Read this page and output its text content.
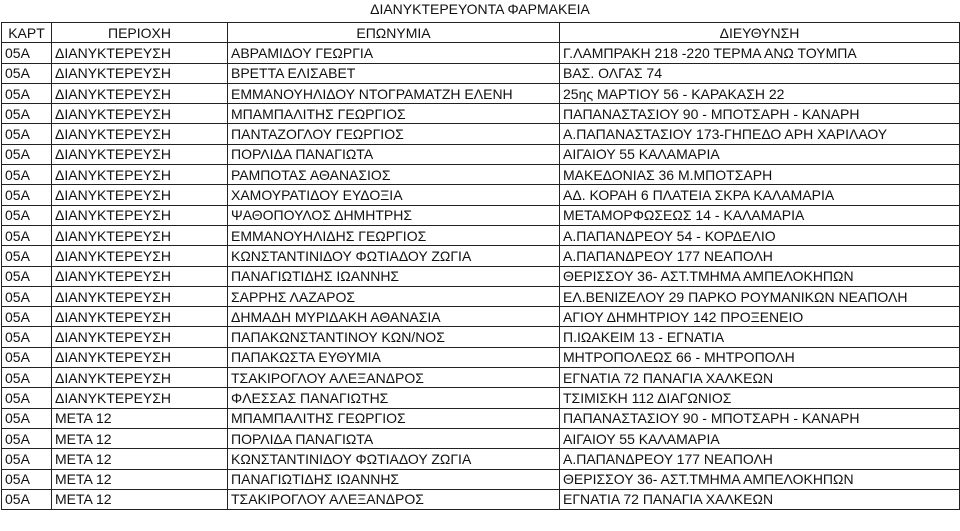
ΔΙΑΝΥΚΤΕΡΕΥΟΝΤΑ ΦΑΡΜΑΚΕΙΑ
ΚΑΡΤ	ΠΕΡΙΟΧΗ	ΕΠΩΝΥΜΙΑ	ΔΙΕΥΘΥΝΣΗ
05Α	ΔΙΑΝΥΚΤΕΡΕΥΣΗ	ΑΒΡΑΜΙΔΟΥ ΓΕΩΡΓΙΑ	Γ.ΛΑΜΠΡΑΚΗ 218 -220 ΤΕΡΜΑ ΑΝΩ ΤΟΥΜΠΑ
05Α	ΔΙΑΝΥΚΤΕΡΕΥΣΗ	ΒΡΕΤΤΑ ΕΛΙΣΑΒΕΤ	ΒΑΣ. ΟΛΓΑΣ 74
05Α	ΔΙΑΝΥΚΤΕΡΕΥΣΗ	ΕΜΜΑΝΟΥΗΛΙΔΟΥ ΝΤΟΓΡΑΜΑΤΖΗ ΕΛΕΝΗ	25ης ΜΑΡΤΙΟΥ 56 - ΚΑΡΑΚΑΣΗ 22
05Α	ΔΙΑΝΥΚΤΕΡΕΥΣΗ	ΜΠΑΜΠΑΛΙΤΗΣ ΓΕΩΡΓΙΟΣ	ΠΑΠΑΝΑΣΤΑΣΙΟΥ 90 - ΜΠΟΤΣΑΡΗ - ΚΑΝΑΡΗ
05Α	ΔΙΑΝΥΚΤΕΡΕΥΣΗ	ΠΑΝΤΑΖΟΓΛΟΥ ΓΕΩΡΓΙΟΣ	Α.ΠΑΠΑΝΑΣΤΑΣΙΟΥ 173-ΓΗΠΕΔΟ ΑΡΗ ΧΑΡΙΛΑΟΥ
05Α	ΔΙΑΝΥΚΤΕΡΕΥΣΗ	ΠΟΡΛΙΔΑ ΠΑΝΑΓΙΩΤΑ	ΑΙΓΑΙΟΥ 55 ΚΑΛΑΜΑΡΙΑ
05Α	ΔΙΑΝΥΚΤΕΡΕΥΣΗ	ΡΑΜΠΟΤΑΣ ΑΘΑΝΑΣΙΟΣ	ΜΑΚΕΔΟΝΙΑΣ 36 Μ.ΜΠΟΤΣΑΡΗ
05Α	ΔΙΑΝΥΚΤΕΡΕΥΣΗ	ΧΑΜΟΥΡΑΤΙΔΟΥ ΕΥΔΟΞΙΑ	ΑΔ. ΚΟΡΑΗ 6 ΠΛΑΤΕΙΑ ΣΚΡΑ ΚΑΛΑΜΑΡΙΑ
05Α	ΔΙΑΝΥΚΤΕΡΕΥΣΗ	ΨΑΘΟΠΟΥΛΟΣ ΔΗΜΗΤΡΗΣ	ΜΕΤΑΜΟΡΦΩΣΕΩΣ 14 - ΚΑΛΑΜΑΡΙΑ
05Α	ΔΙΑΝΥΚΤΕΡΕΥΣΗ	ΕΜΜΑΝΟΥΗΛΙΔΗΣ ΓΕΩΡΓΙΟΣ	Α.ΠΑΠΑΝΔΡΕΟΥ 54 - ΚΟΡΔΕΛΙΟ
05Α	ΔΙΑΝΥΚΤΕΡΕΥΣΗ	ΚΩΝΣΤΑΝΤΙΝΙΔΟΥ ΦΩΤΙΑΔΟΥ ΖΩΓΙΑ	Α.ΠΑΠΑΝΔΡΕΟΥ 177 ΝΕΑΠΟΛΗ
05Α	ΔΙΑΝΥΚΤΕΡΕΥΣΗ	ΠΑΝΑΓΙΩΤΙΔΗΣ ΙΩΑΝΝΗΣ	ΘΕΡΙΣΣΟΥ 36- ΑΣΤ.ΤΜΗΜΑ ΑΜΠΕΛΟΚΗΠΩΝ
05Α	ΔΙΑΝΥΚΤΕΡΕΥΣΗ	ΣΑΡΡΗΣ ΛΑΖΑΡΟΣ	ΕΛ.ΒΕΝΙΖΕΛΟΥ 29 ΠΑΡΚΟ ΡΟΥΜΑΝΙΚΩΝ ΝΕΑΠΟΛΗ
05Α	ΔΙΑΝΥΚΤΕΡΕΥΣΗ	ΔΗΜΑΔΗ ΜΥΡΙΔΑΚΗ ΑΘΑΝΑΣΙΑ	ΑΓΙΟΥ ΔΗΜΗΤΡΙΟΥ 142 ΠΡΟΞΕΝΕΙΟ
05Α	ΔΙΑΝΥΚΤΕΡΕΥΣΗ	ΠΑΠΑΚΩΝΣΤΑΝΤΙΝΟΥ ΚΩΝ/ΝΟΣ	Π.ΙΩΑΚΕΙΜ 13 - ΕΓΝΑΤΙΑ
05Α	ΔΙΑΝΥΚΤΕΡΕΥΣΗ	ΠΑΠΑΚΩΣΤΑ ΕΥΘΥΜΙΑ	ΜΗΤΡΟΠΟΛΕΩΣ 66 - ΜΗΤΡΟΠΟΛΗ
05Α	ΔΙΑΝΥΚΤΕΡΕΥΣΗ	ΤΣΑΚΙΡΟΓΛΟΥ ΑΛΕΞΑΝΔΡΟΣ	ΕΓΝΑΤΙΑ 72 ΠΑΝΑΓΙΑ ΧΑΛΚΕΩΝ
05Α	ΔΙΑΝΥΚΤΕΡΕΥΣΗ	ΦΛΕΣΣΑΣ ΠΑΝΑΓΙΩΤΗΣ	ΤΣΙΜΙΣΚΗ 112 ΔΙΑΓΩΝΙΟΣ
05Α	ΜΕΤΑ 12	ΜΠΑΜΠΑΛΙΤΗΣ ΓΕΩΡΓΙΟΣ	ΠΑΠΑΝΑΣΤΑΣΙΟΥ 90 - ΜΠΟΤΣΑΡΗ - ΚΑΝΑΡΗ
05Α	ΜΕΤΑ 12	ΠΟΡΛΙΔΑ ΠΑΝΑΓΙΩΤΑ	ΑΙΓΑΙΟΥ 55 ΚΑΛΑΜΑΡΙΑ
05Α	ΜΕΤΑ 12	ΚΩΝΣΤΑΝΤΙΝΙΔΟΥ ΦΩΤΙΑΔΟΥ ΖΩΓΙΑ	Α.ΠΑΠΑΝΔΡΕΟΥ 177 ΝΕΑΠΟΛΗ
05Α	ΜΕΤΑ 12	ΠΑΝΑΓΙΩΤΙΔΗΣ ΙΩΑΝΝΗΣ	ΘΕΡΙΣΣΟΥ 36- ΑΣΤ.ΤΜΗΜΑ ΑΜΠΕΛΟΚΗΠΩΝ
05Α	ΜΕΤΑ 12	ΤΣΑΚΙΡΟΓΛΟΥ ΑΛΕΞΑΝΔΡΟΣ	ΕΓΝΑΤΙΑ 72 ΠΑΝΑΓΙΑ ΧΑΛΚΕΩΝ
